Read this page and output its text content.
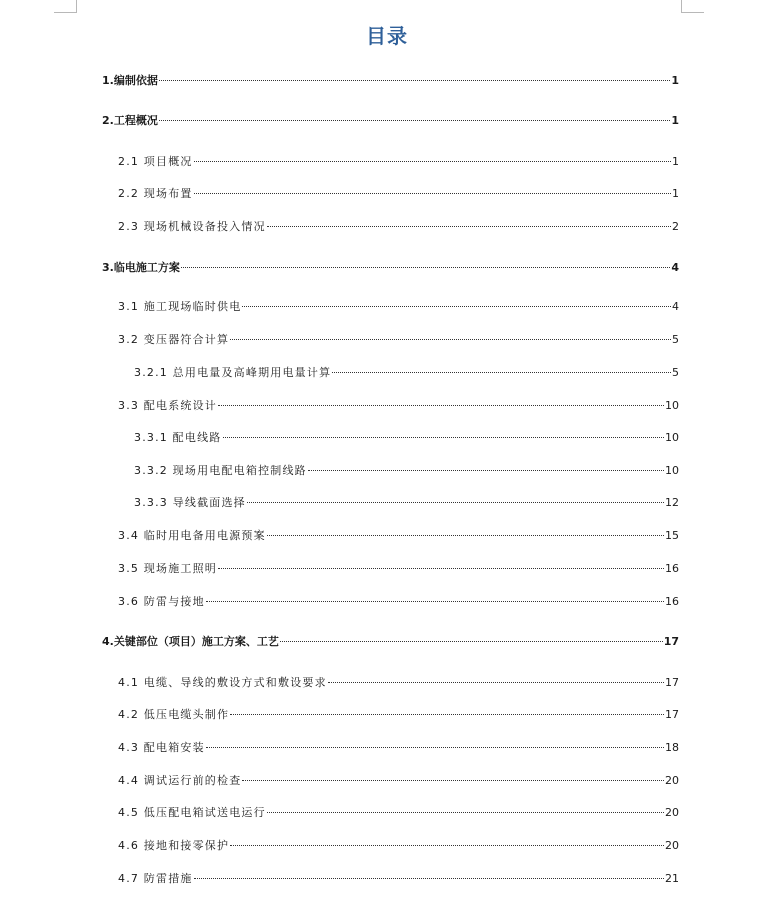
目录
1.编制依据	1
2.工程概况	1
2.1 项目概况	1
2.2 现场布置	1
2.3 现场机械设备投入情况	2
3.临电施工方案	4
3.1 施工现场临时供电	4
3.2 变压器符合计算	5
3.2.1 总用电量及高峰期用电量计算	5
3.3 配电系统设计	10
3.3.1 配电线路	10
3.3.2 现场用电配电箱控制线路	10
3.3.3 导线截面选择	12
3.4 临时用电备用电源预案	15
3.5 现场施工照明	16
3.6 防雷与接地	16
4.关键部位（项目）施工方案、工艺	17
4.1 电缆、导线的敷设方式和敷设要求	17
4.2 低压电缆头制作	17
4.3 配电箱安装	18
4.4 调试运行前的检查	20
4.5 低压配电箱试送电运行	20
4.6 接地和接零保护	20
4.7 防雷措施	21
